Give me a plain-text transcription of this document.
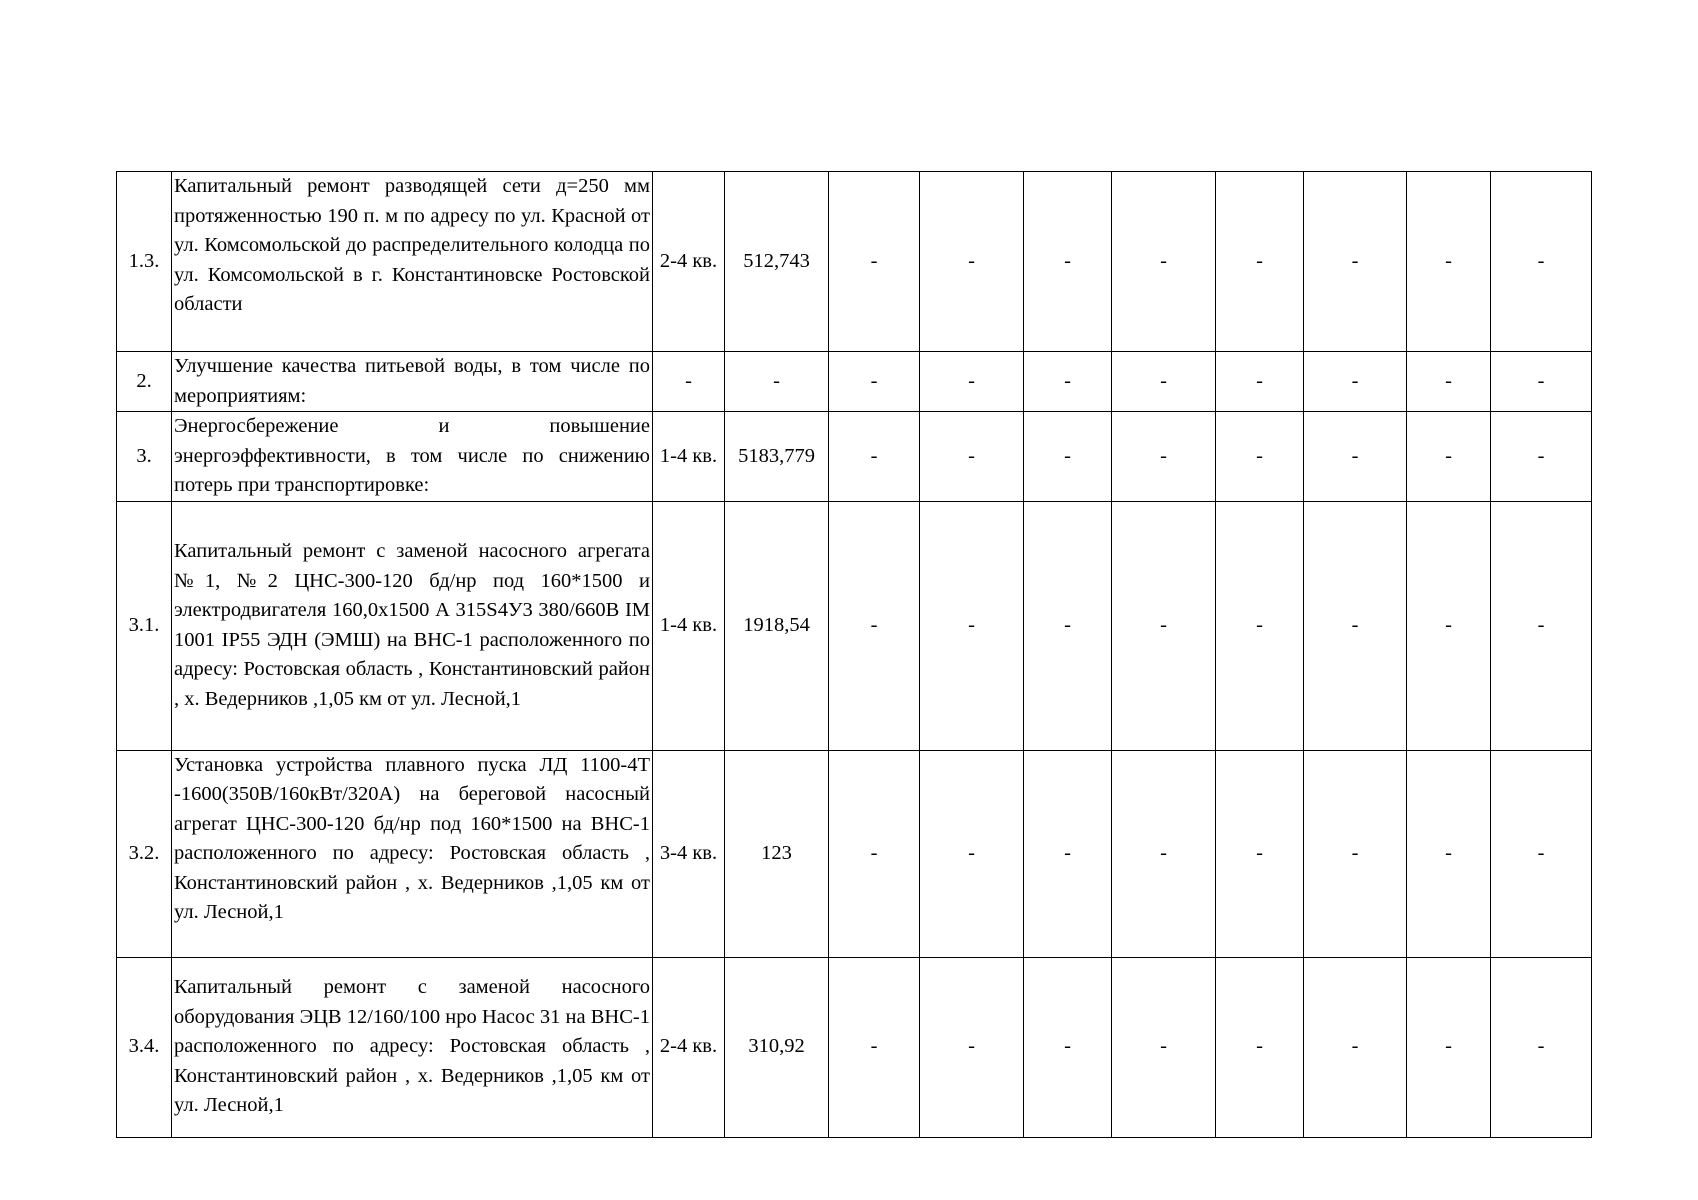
1.3.	Капитальный ремонт разводящей сети д=250 мм протяженностью 190 п. м по адресу по ул. Красной от ул. Комсомольской до распределительного колодца по ул. Комсомольской в г. Константиновске Ростовской области	2-4 кв.	512,743	-	-	-	-	-	-	-	-
2.	Улучшение качества питьевой воды, в том числе по мероприятиям:	-	-	-	-	-	-	-	-	-	-
3.	Энергосбережение и повышение энергоэффективности, в том числе по снижению потерь при транспортировке:	1-4 кв.	5183,779	-	-	-	-	-	-	-	-
3.1.	Капитальный ремонт с заменой насосного агрегата №1, №2 ЦНС-300-120 бд/нр под 160*1500 и электродвигателя 160,0х1500 А 315S4У3 380/660В IM 1001 IP55 ЭДН (ЭМШ) на ВНС-1 расположенного по адресу: Ростовская область , Константиновский район , х. Ведерников ,1,05 км от ул. Лесной,1	1-4 кв.	1918,54	-	-	-	-	-	-	-	-
3.2.	Установка устройства плавного пуска ЛД 1100-4Т -1600(350В/160кВт/320А) на береговой насосный агрегат ЦНС-300-120 бд/нр под 160*1500 на ВНС-1 расположенного по адресу: Ростовская область , Константиновский район , х. Ведерников ,1,05 км от ул. Лесной,1	3-4 кв.	123	-	-	-	-	-	-	-	-
3.4.	Капитальный ремонт с заменой насосного оборудования ЭЦВ 12/160/100 нро Насос 31 на ВНС-1 расположенного по адресу: Ростовская область , Константиновский район , х. Ведерников ,1,05 км от ул. Лесной,1	2-4 кв.	310,92	-	-	-	-	-	-	-	-
